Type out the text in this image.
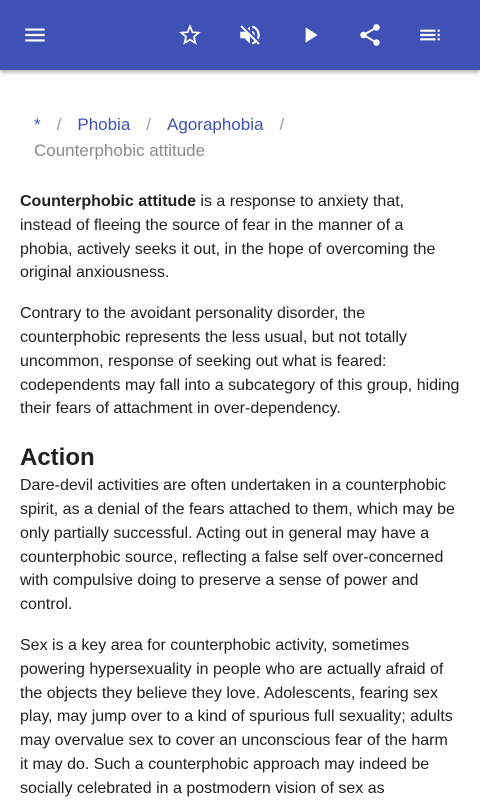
* / Phobia / Agoraphobia /
Counterphobic attitude

Counterphobic attitude is a response to anxiety that, instead of fleeing the source of fear in the manner of a phobia, actively seeks it out, in the hope of overcoming the original anxiousness.

Contrary to the avoidant personality disorder, the counterphobic represents the less usual, but not totally uncommon, response of seeking out what is feared: codependents may fall into a subcategory of this group, hiding their fears of attachment in over-dependency.

Action

Dare-devil activities are often undertaken in a counterphobic spirit, as a denial of the fears attached to them, which may be only partially successful. Acting out in general may have a counterphobic source, reflecting a false self over-concerned with compulsive doing to preserve a sense of power and control.

Sex is a key area for counterphobic activity, sometimes powering hypersexuality in people who are actually afraid of the objects they believe they love. Adolescents, fearing sex play, may jump over to a kind of spurious full sexuality; adults may overvalue sex to cover an unconscious fear of the harm it may do. Such a counterphobic approach may indeed be socially celebrated in a postmodern vision of sex as
